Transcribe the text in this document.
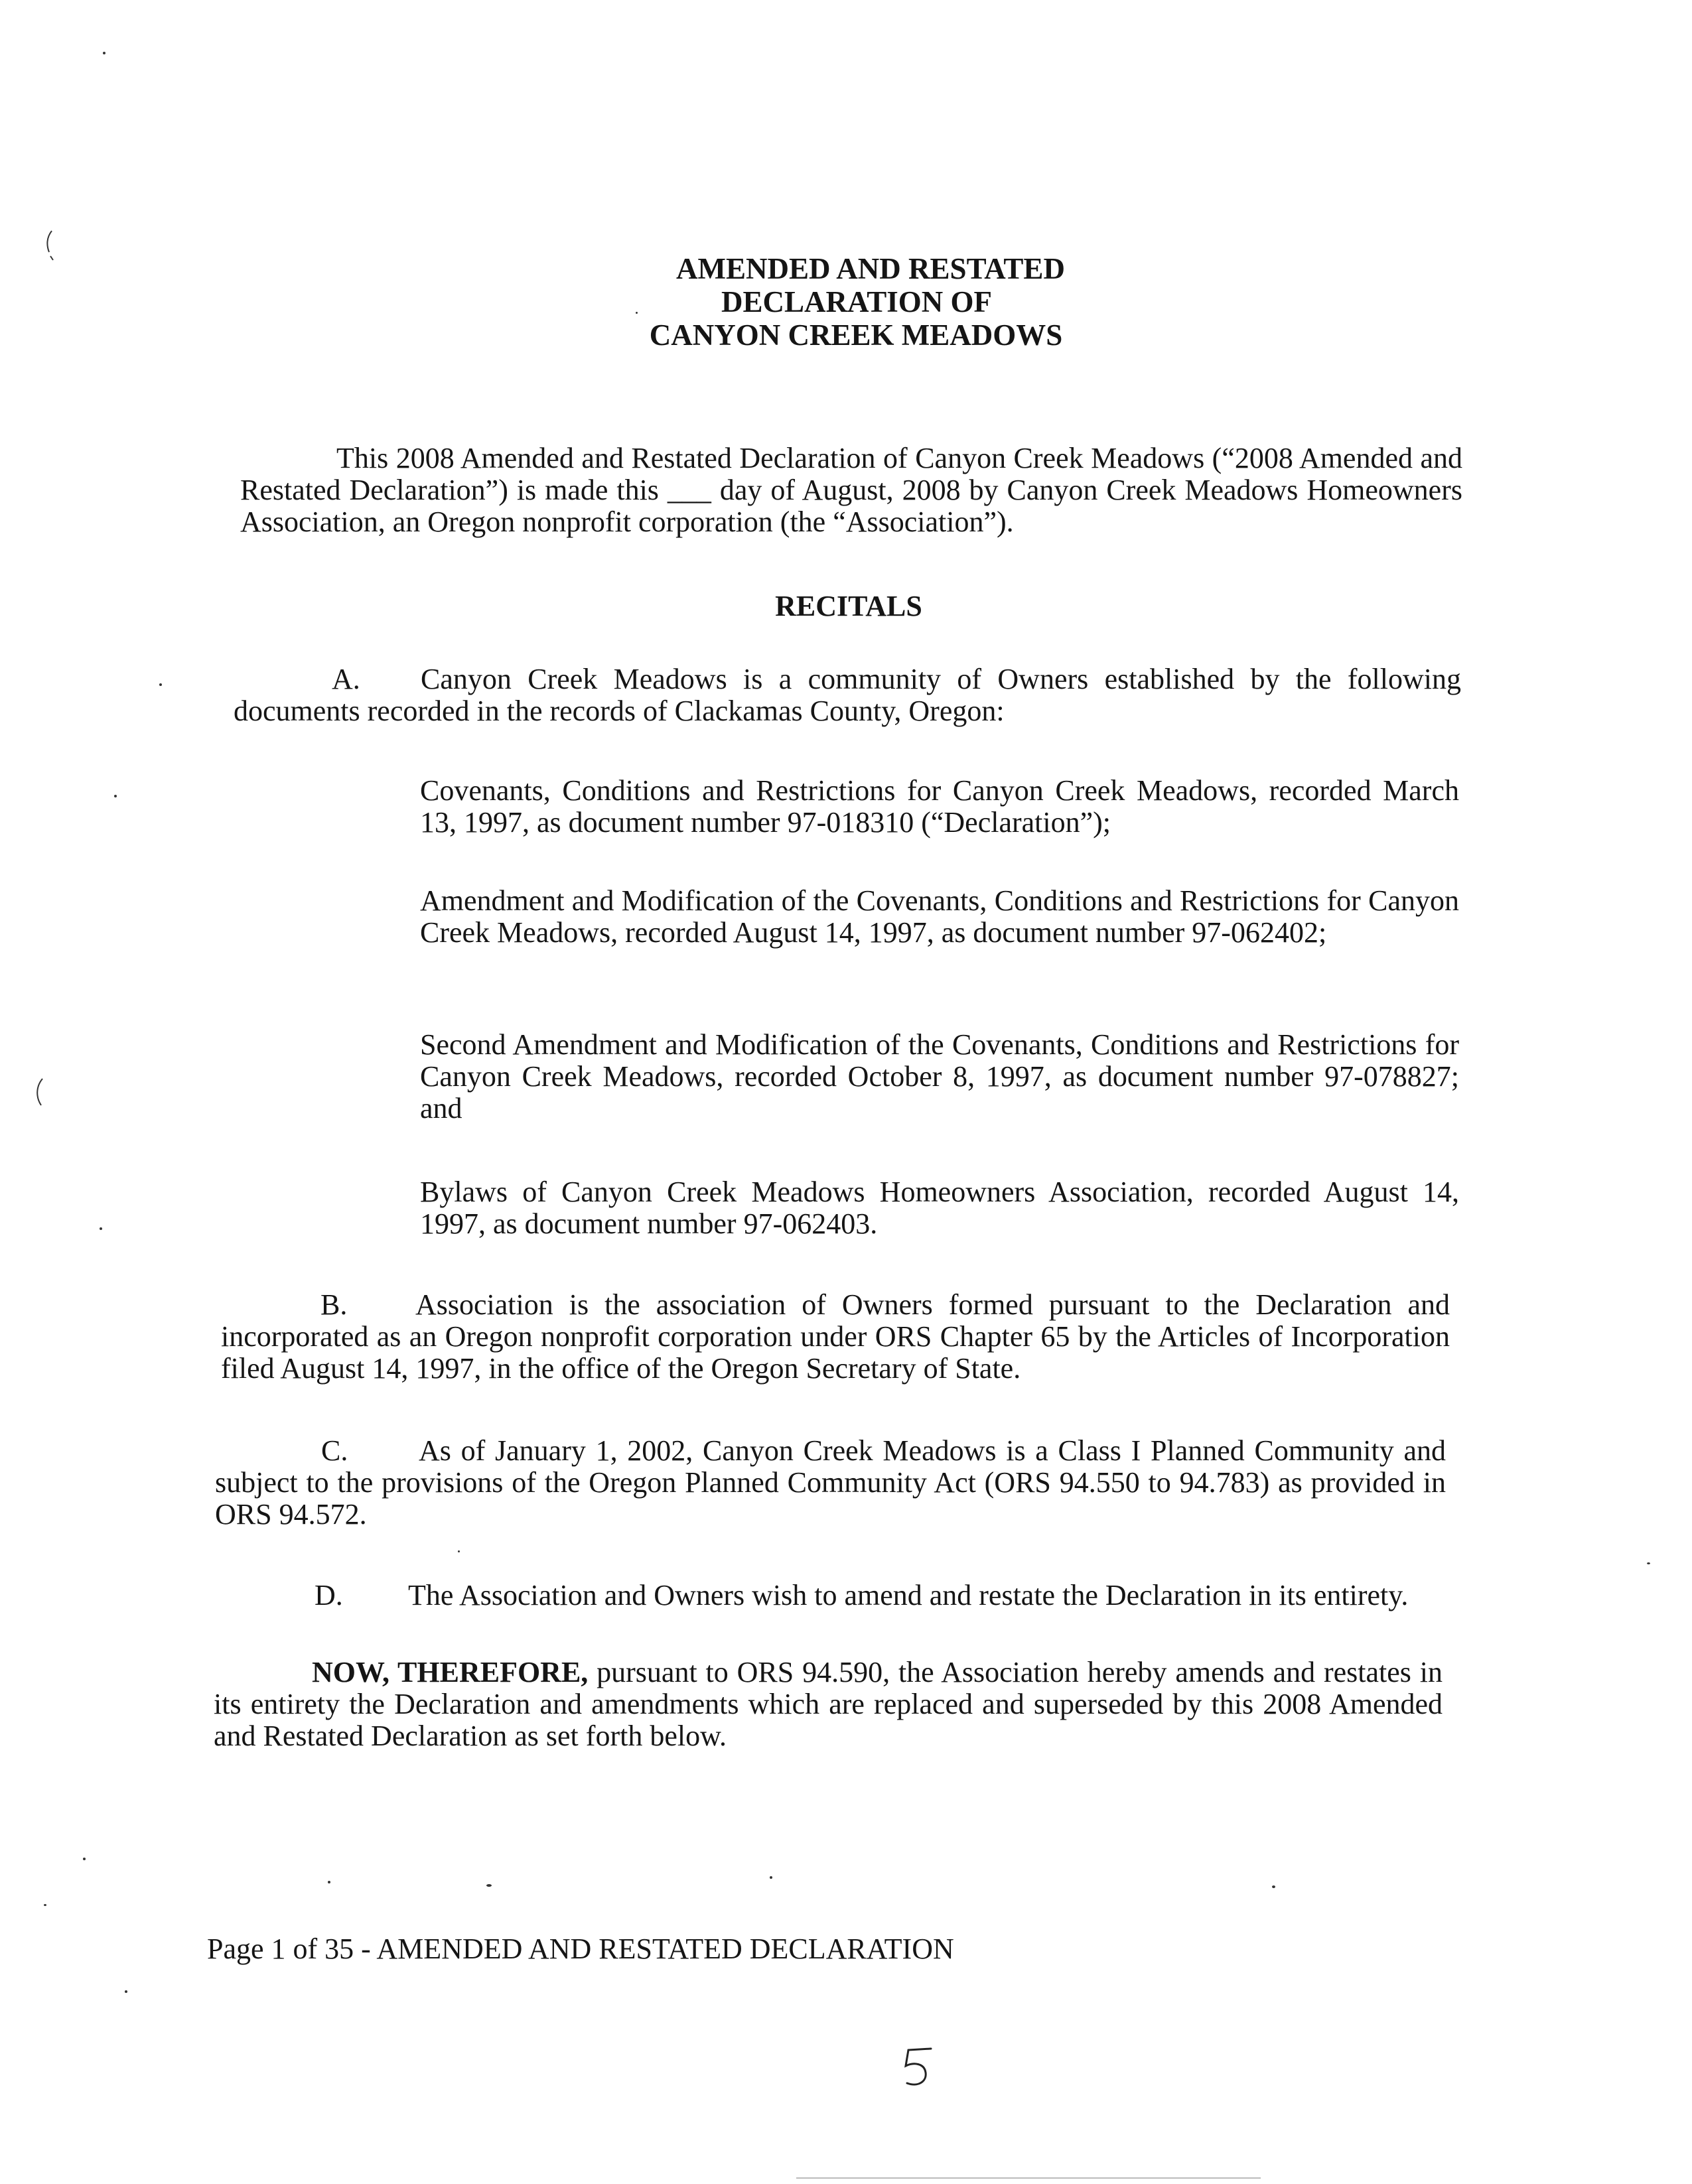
AMENDED AND RESTATED
DECLARATION OF
CANYON CREEK MEADOWS
This 2008 Amended and Restated Declaration of Canyon Creek Meadows (“2008 Amended and Restated Declaration”) is made this ___ day of August, 2008 by Canyon Creek Meadows Homeowners Association, an Oregon nonprofit corporation (the “Association”).
RECITALS
A. Canyon Creek Meadows is a community of Owners established by the following documents recorded in the records of Clackamas County, Oregon:
Covenants, Conditions and Restrictions for Canyon Creek Meadows, recorded March 13, 1997, as document number 97-018310 (“Declaration”);
Amendment and Modification of the Covenants, Conditions and Restrictions for Canyon Creek Meadows, recorded August 14, 1997, as document number 97-062402;
Second Amendment and Modification of the Covenants, Conditions and Restrictions for Canyon Creek Meadows, recorded October 8, 1997, as document number 97-078827; and
Bylaws of Canyon Creek Meadows Homeowners Association, recorded August 14, 1997, as document number 97-062403.
B. Association is the association of Owners formed pursuant to the Declaration and incorporated as an Oregon nonprofit corporation under ORS Chapter 65 by the Articles of Incorporation filed August 14, 1997, in the office of the Oregon Secretary of State.
C. As of January 1, 2002, Canyon Creek Meadows is a Class I Planned Community and subject to the provisions of the Oregon Planned Community Act (ORS 94.550 to 94.783) as provided in ORS 94.572.
D. The Association and Owners wish to amend and restate the Declaration in its entirety.
NOW, THEREFORE, pursuant to ORS 94.590, the Association hereby amends and restates in its entirety the Declaration and amendments which are replaced and superseded by this 2008 Amended and Restated Declaration as set forth below.
Page 1 of 35 - AMENDED AND RESTATED DECLARATION
